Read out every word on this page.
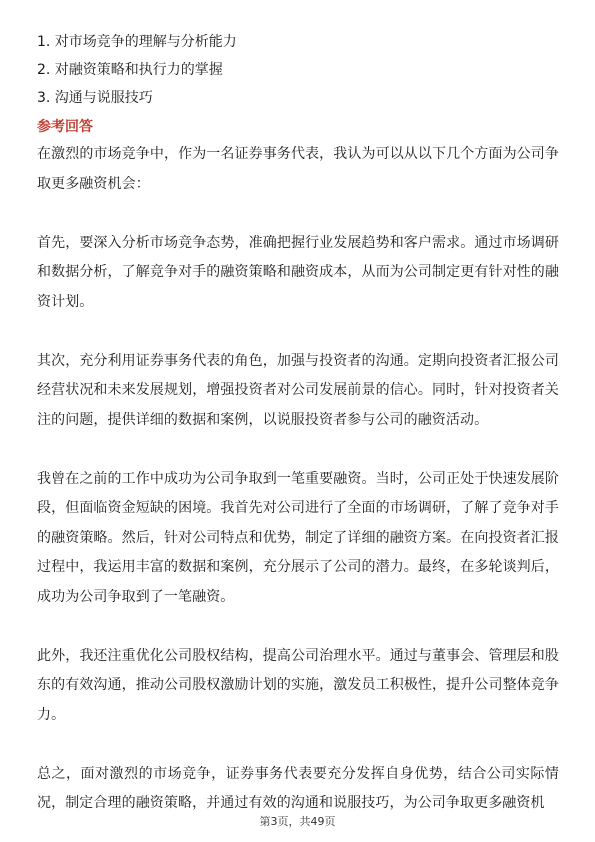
1. 对市场竞争的理解与分析能力

2. 对融资策略和执行力的掌握

3. 沟通与说服技巧

参考回答

在激烈的市场竞争中，作为一名证券事务代表，我认为可以从以下几个方面为公司争取更多融资机会：

首先，要深入分析市场竞争态势，准确把握行业发展趋势和客户需求。通过市场调研和数据分析，了解竞争对手的融资策略和融资成本，从而为公司制定更有针对性的融资计划。

其次，充分利用证券事务代表的角色，加强与投资者的沟通。定期向投资者汇报公司经营状况和未来发展规划，增强投资者对公司发展前景的信心。同时，针对投资者关注的问题，提供详细的数据和案例，以说服投资者参与公司的融资活动。

我曾在之前的工作中成功为公司争取到一笔重要融资。当时，公司正处于快速发展阶段，但面临资金短缺的困境。我首先对公司进行了全面的市场调研，了解了竞争对手的融资策略。然后，针对公司特点和优势，制定了详细的融资方案。在向投资者汇报过程中，我运用丰富的数据和案例，充分展示了公司的潜力。最终，在多轮谈判后，成功为公司争取到了一笔融资。

此外，我还注重优化公司股权结构，提高公司治理水平。通过与董事会、管理层和股东的有效沟通，推动公司股权激励计划的实施，激发员工积极性，提升公司整体竞争力。

总之，面对激烈的市场竞争，证券事务代表要充分发挥自身优势，结合公司实际情况，制定合理的融资策略，并通过有效的沟通和说服技巧，为公司争取更多融资机

第3页，共49页
